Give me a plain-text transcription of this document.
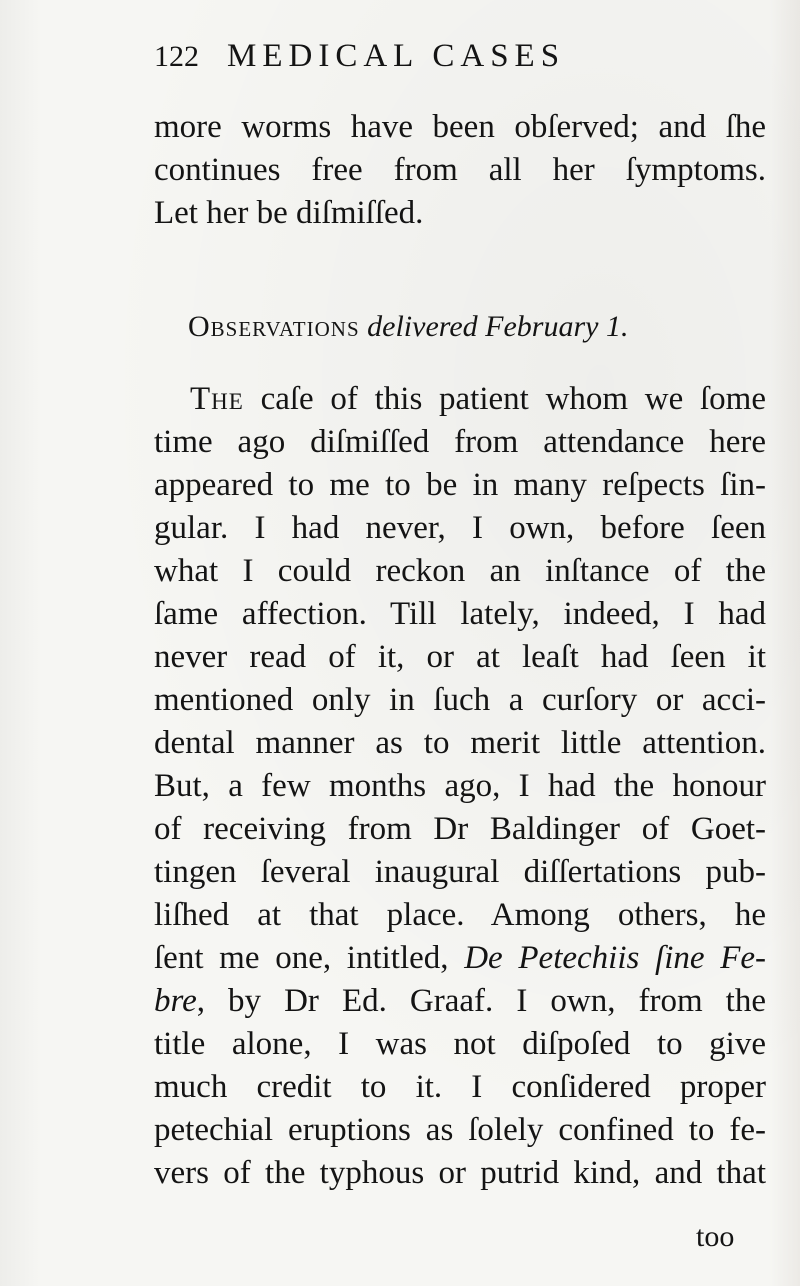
122 MEDICAL CASES
more worms have been obſerved; and ſhe
continues free from all her ſymptoms.
Let her be diſmiſſed.
Observations delivered February 1.
The caſe of this patient whom we ſome
time ago diſmiſſed from attendance here
appeared to me to be in many reſpects ſin-
gular. I had never, I own, before ſeen
what I could reckon an inſtance of the
ſame affection. Till lately, indeed, I had
never read of it, or at leaſt had ſeen it
mentioned only in ſuch a curſory or acci-
dental manner as to merit little attention.
But, a few months ago, I had the honour
of receiving from Dr Baldinger of Goet-
tingen ſeveral inaugural diſſertations pub-
liſhed at that place. Among others, he
ſent me one, intitled, De Petechiis ſine Fe-
bre, by Dr Ed. Graaf. I own, from the
title alone, I was not diſpoſed to give
much credit to it. I conſidered proper
petechial eruptions as ſolely confined to fe-
vers of the typhous or putrid kind, and that
too
